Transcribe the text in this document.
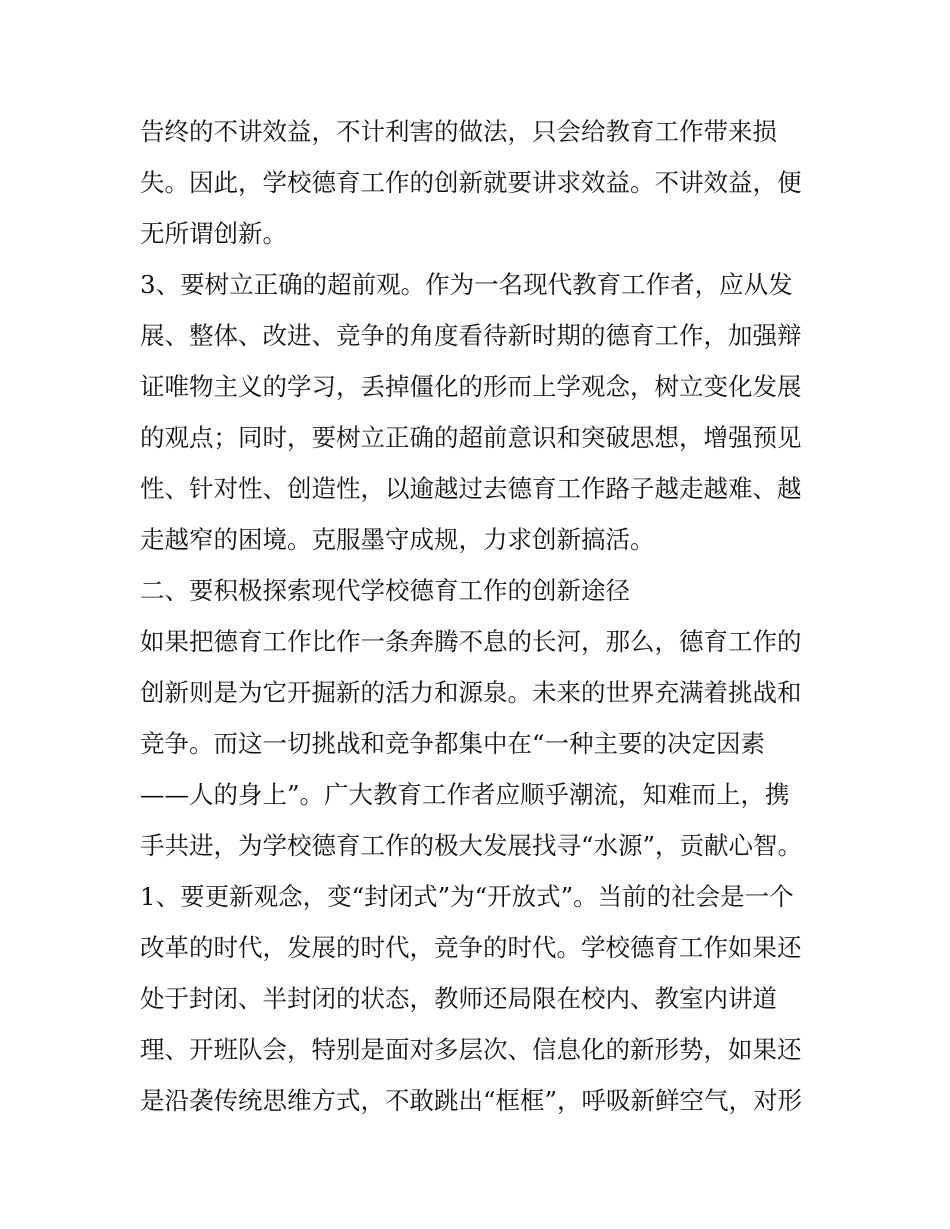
告终的不讲效益，不计利害的做法，只会给教育工作带来损
失。因此，学校德育工作的创新就要讲求效益。不讲效益，便
无所谓创新。
3、要树立正确的超前观。作为一名现代教育工作者，应从发
展、整体、改进、竞争的角度看待新时期的德育工作，加强辩
证唯物主义的学习，丢掉僵化的形而上学观念，树立变化发展
的观点；同时，要树立正确的超前意识和突破思想，增强预见
性、针对性、创造性，以逾越过去德育工作路子越走越难、越
走越窄的困境。克服墨守成规，力求创新搞活。
二、要积极探索现代学校德育工作的创新途径
如果把德育工作比作一条奔腾不息的长河，那么，德育工作的
创新则是为它开掘新的活力和源泉。未来的世界充满着挑战和
竞争。而这一切挑战和竞争都集中在“一种主要的决定因素
——人的身上”。广大教育工作者应顺乎潮流，知难而上，携
手共进，为学校德育工作的极大发展找寻“水源”，贡献心智。
1、要更新观念，变“封闭式”为“开放式”。当前的社会是一个
改革的时代，发展的时代，竞争的时代。学校德育工作如果还
处于封闭、半封闭的状态，教师还局限在校内、教室内讲道
理、开班队会，特别是面对多层次、信息化的新形势，如果还
是沿袭传统思维方式，不敢跳出“框框”，呼吸新鲜空气，对形
